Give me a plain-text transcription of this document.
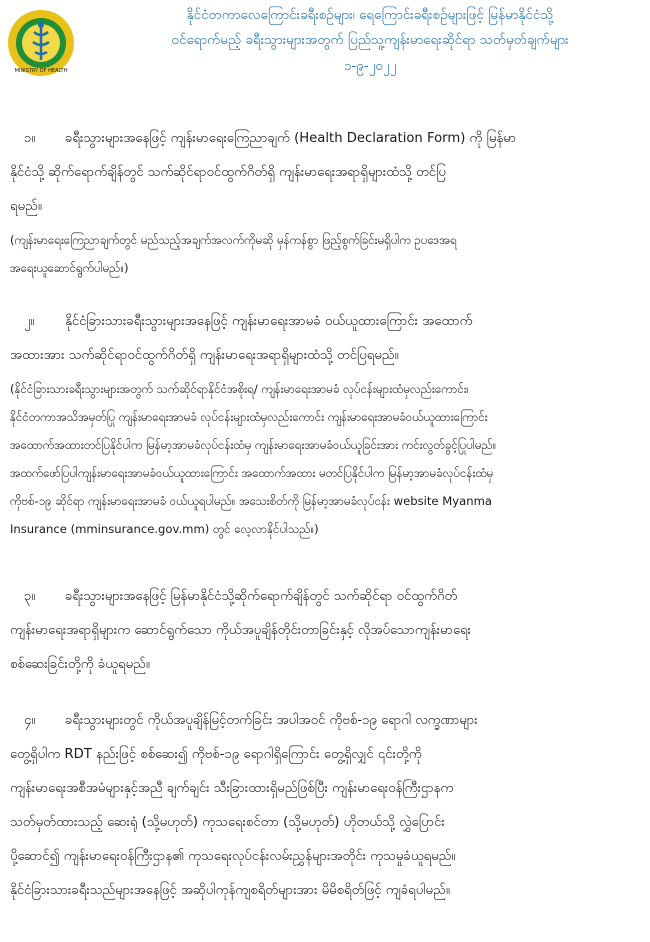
MINISTRY OF HEALTH
နိုင်ငံတကာလေကြောင်းခရီးစဉ်များ၊ ရေကြောင်းခရီးစဉ်များဖြင့် မြန်မာနိုင်ငံသို့
ဝင်ရောက်မည့် ခရီးသွားများအတွက် ပြည်သူ့ကျန်းမာရေးဆိုင်ရာ သတ်မှတ်ချက်များ
၁-၉-၂၀၂၂
၁။ ခရီးသွားများအနေဖြင့် ကျန်းမာရေးကြေညာချက် (Health Declaration Form) ကို မြန်မာ
နိုင်ငံသို့ ဆိုက်ရောက်ချိန်တွင် သက်ဆိုင်ရာဝင်ထွက်ဂိတ်ရှိ ကျန်းမာရေးအရာရှိများထံသို့ တင်ပြ
ရမည်။
(ကျန်းမာရေးကြေညာချက်တွင် မည်သည့်အချက်အလက်ကိုမဆို မှန်ကန်စွာ ဖြည့်စွက်ခြင်းမရှိပါက ဥပဒေအရ
အရေးယူဆောင်ရွက်ပါမည်။)
၂။ နိုင်ငံခြားသားခရီးသွားများအနေဖြင့် ကျန်းမာရေးအာမခံ ဝယ်ယူထားကြောင်း အထောက်
အထားအား သက်ဆိုင်ရာဝင်ထွက်ဂိတ်ရှိ ကျန်းမာရေးအရာရှိများထံသို့ တင်ပြရမည်။
(နိုင်ငံခြားသားခရီးသွားများအတွက် သက်ဆိုင်ရာနိုင်ငံအစိုးရ/ ကျန်းမာရေးအာမခံ လုပ်ငန်းများထံမှလည်းကောင်း၊
နိုင်ငံတကာအသိအမှတ်ပြု ကျန်းမာရေးအာမခံ လုပ်ငန်းများထံမှလည်းကောင်း ကျန်းမာရေးအာမခံဝယ်ယူထားကြောင်း
အထောက်အထားတင်ပြနိုင်ပါက မြန်မာ့အာမခံလုပ်ငန်းထံမှ ကျန်းမာရေးအာမခံဝယ်ယူခြင်းအား ကင်းလွတ်ခွင့်ပြုပါမည်။
အထက်ဖော်ပြပါကျန်းမာရေးအာမခံဝယ်ယူထားကြောင်း အထောက်အထား မတင်ပြနိုင်ပါက မြန်မာ့အာမခံလုပ်ငန်းထံမှ
ကိုဗစ်-၁၉ ဆိုင်ရာ ကျန်းမာရေးအာမခံ ဝယ်ယူရပါမည်။ အသေးစိတ်ကို မြန်မာ့အာမခံလုပ်ငန်း website Myanma
Insurance (mminsurance.gov.mm) တွင် လေ့လာနိုင်ပါသည်။)
၃။ ခရီးသွားများအနေဖြင့် မြန်မာနိုင်ငံသို့ဆိုက်ရောက်ချိန်တွင် သက်ဆိုင်ရာ ဝင်ထွက်ဂိတ်
ကျန်းမာရေးအရာရှိများက ဆောင်ရွက်သော ကိုယ်အပူချိန်တိုင်းတာခြင်းနှင့် လိုအပ်သောကျန်းမာရေး
စစ်ဆေးခြင်းတို့ကို ခံယူရမည်။
၄။ ခရီးသွားများတွင် ကိုယ်အပူချိန်မြင့်တက်ခြင်း အပါအဝင် ကိုဗစ်-၁၉ ရောဂါ လက္ခဏာများ
တွေ့ရှိပါက RDT နည်းဖြင့် စစ်ဆေး၍ ကိုဗစ်-၁၉ ရောဂါရှိကြောင်း တွေ့ရှိလျှင် ၎င်းတို့ကို
ကျန်းမာရေးအစီအမံများနှင့်အညီ ချက်ချင်း သီးခြားထားရှိမည်ဖြစ်ပြီး ကျန်းမာရေးဝန်ကြီးဌာနက
သတ်မှတ်ထားသည့် ဆေးရုံ (သို့မဟုတ်) ကုသရေးစင်တာ (သို့မဟုတ်) ဟိုတယ်သို့ လွှဲပြောင်း
ပို့ဆောင်၍ ကျန်းမာရေးဝန်ကြီးဌာန၏ ကုသရေးလုပ်ငန်းလမ်းညွှန်များအတိုင်း ကုသမှုခံယူရမည်။
နိုင်ငံခြားသားခရီးသည်များအနေဖြင့် အဆိုပါကုန်ကျစရိတ်များအား မိမိစရိတ်ဖြင့် ကျခံရပါမည်။
